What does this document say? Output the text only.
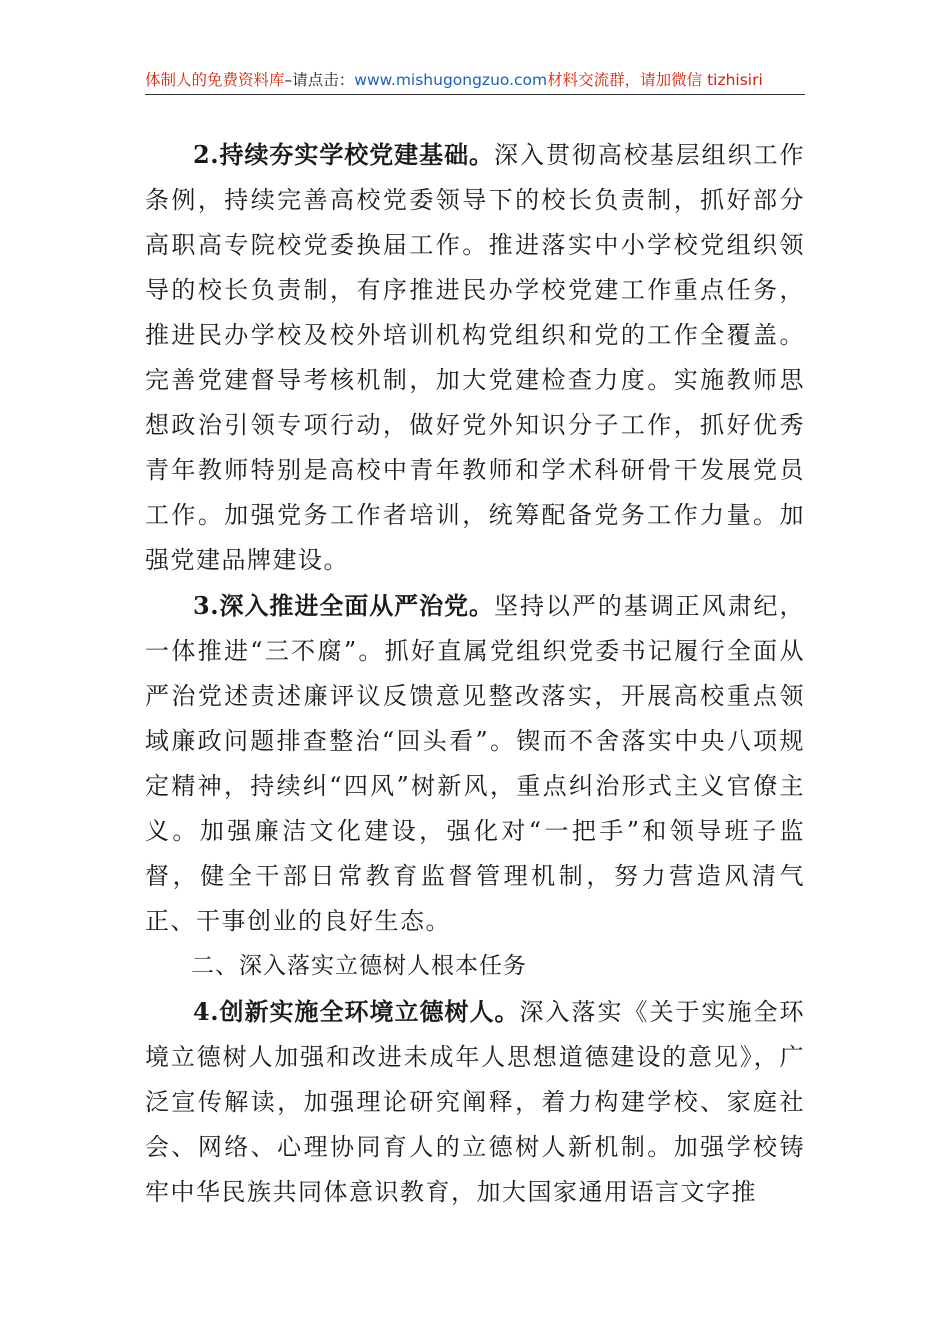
体制人的免费资料库–请点击：www.mishugongzuo.com材料交流群，请加微信 tizhisiri

2.持续夯实学校党建基础。深入贯彻高校基层组织工作条例，持续完善高校党委领导下的校长负责制，抓好部分高职高专院校党委换届工作。推进落实中小学校党组织领导的校长负责制，有序推进民办学校党建工作重点任务，推进民办学校及校外培训机构党组织和党的工作全覆盖。完善党建督导考核机制，加大党建检查力度。实施教师思想政治引领专项行动，做好党外知识分子工作，抓好优秀青年教师特别是高校中青年教师和学术科研骨干发展党员工作。加强党务工作者培训，统筹配备党务工作力量。加强党建品牌建设。

3.深入推进全面从严治党。坚持以严的基调正风肃纪，一体推进“三不腐”。抓好直属党组织党委书记履行全面从严治党述责述廉评议反馈意见整改落实，开展高校重点领域廉政问题排查整治“回头看”。锲而不舍落实中央八项规定精神，持续纠“四风”树新风，重点纠治形式主义官僚主义。加强廉洁文化建设，强化对“一把手”和领导班子监督，健全干部日常教育监督管理机制，努力营造风清气正、干事创业的良好生态。

二、深入落实立德树人根本任务

4.创新实施全环境立德树人。深入落实《关于实施全环境立德树人加强和改进未成年人思想道德建设的意见》，广泛宣传解读，加强理论研究阐释，着力构建学校、家庭社会、网络、心理协同育人的立德树人新机制。加强学校铸牢中华民族共同体意识教育，加大国家通用语言文字推
